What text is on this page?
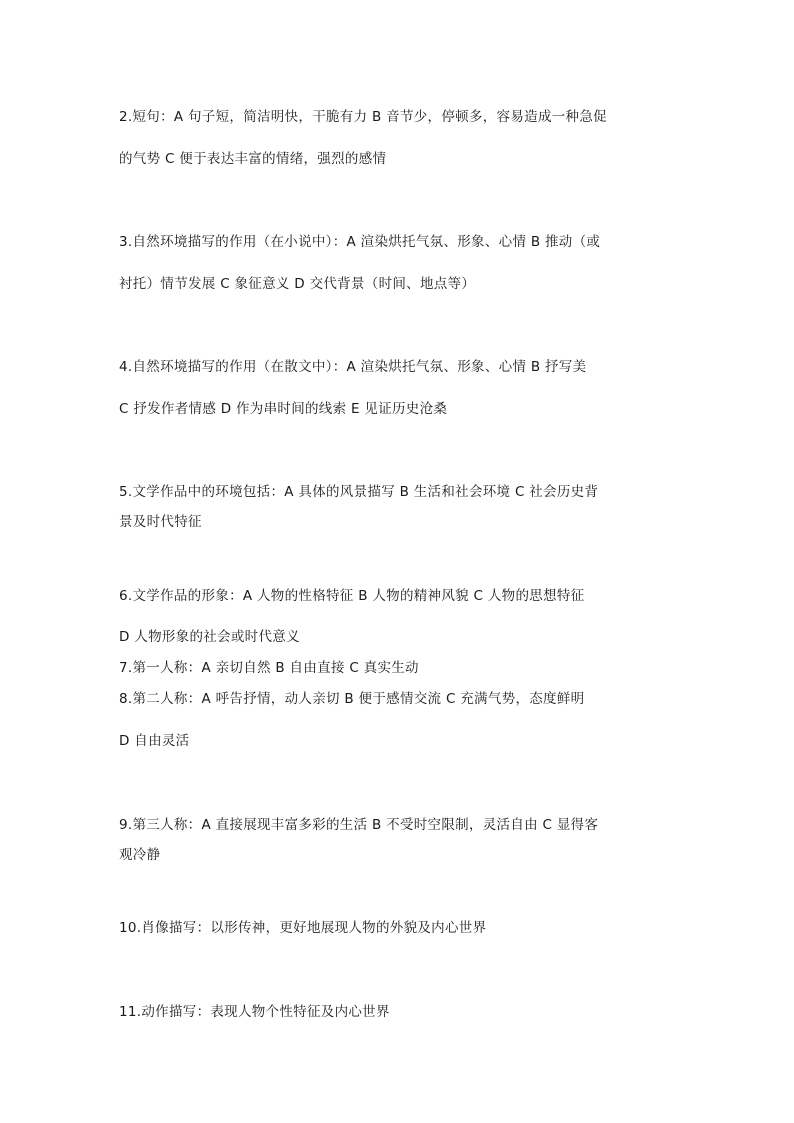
2.短句：A 句子短，简洁明快，干脆有力 B 音节少，停顿多，容易造成一种急促
的气势 C 便于表达丰富的情绪，强烈的感情
3.自然环境描写的作用（在小说中）：A 渲染烘托气氛、形象、心情 B 推动（或
衬托）情节发展 C 象征意义 D 交代背景（时间、地点等）
4.自然环境描写的作用（在散文中）：A 渲染烘托气氛、形象、心情 B 抒写美
C 抒发作者情感 D 作为串时间的线索 E 见证历史沧桑
5.文学作品中的环境包括：A 具体的风景描写 B 生活和社会环境 C 社会历史背
景及时代特征
6.文学作品的形象：A 人物的性格特征 B 人物的精神风貌 C 人物的思想特征
D 人物形象的社会或时代意义
7.第一人称：A 亲切自然 B 自由直接 C 真实生动
8.第二人称：A 呼告抒情，动人亲切 B 便于感情交流 C 充满气势，态度鲜明
D 自由灵活
9.第三人称：A 直接展现丰富多彩的生活 B 不受时空限制，灵活自由 C 显得客
观冷静
10.肖像描写：以形传神，更好地展现人物的外貌及内心世界
11.动作描写：表现人物个性特征及内心世界
